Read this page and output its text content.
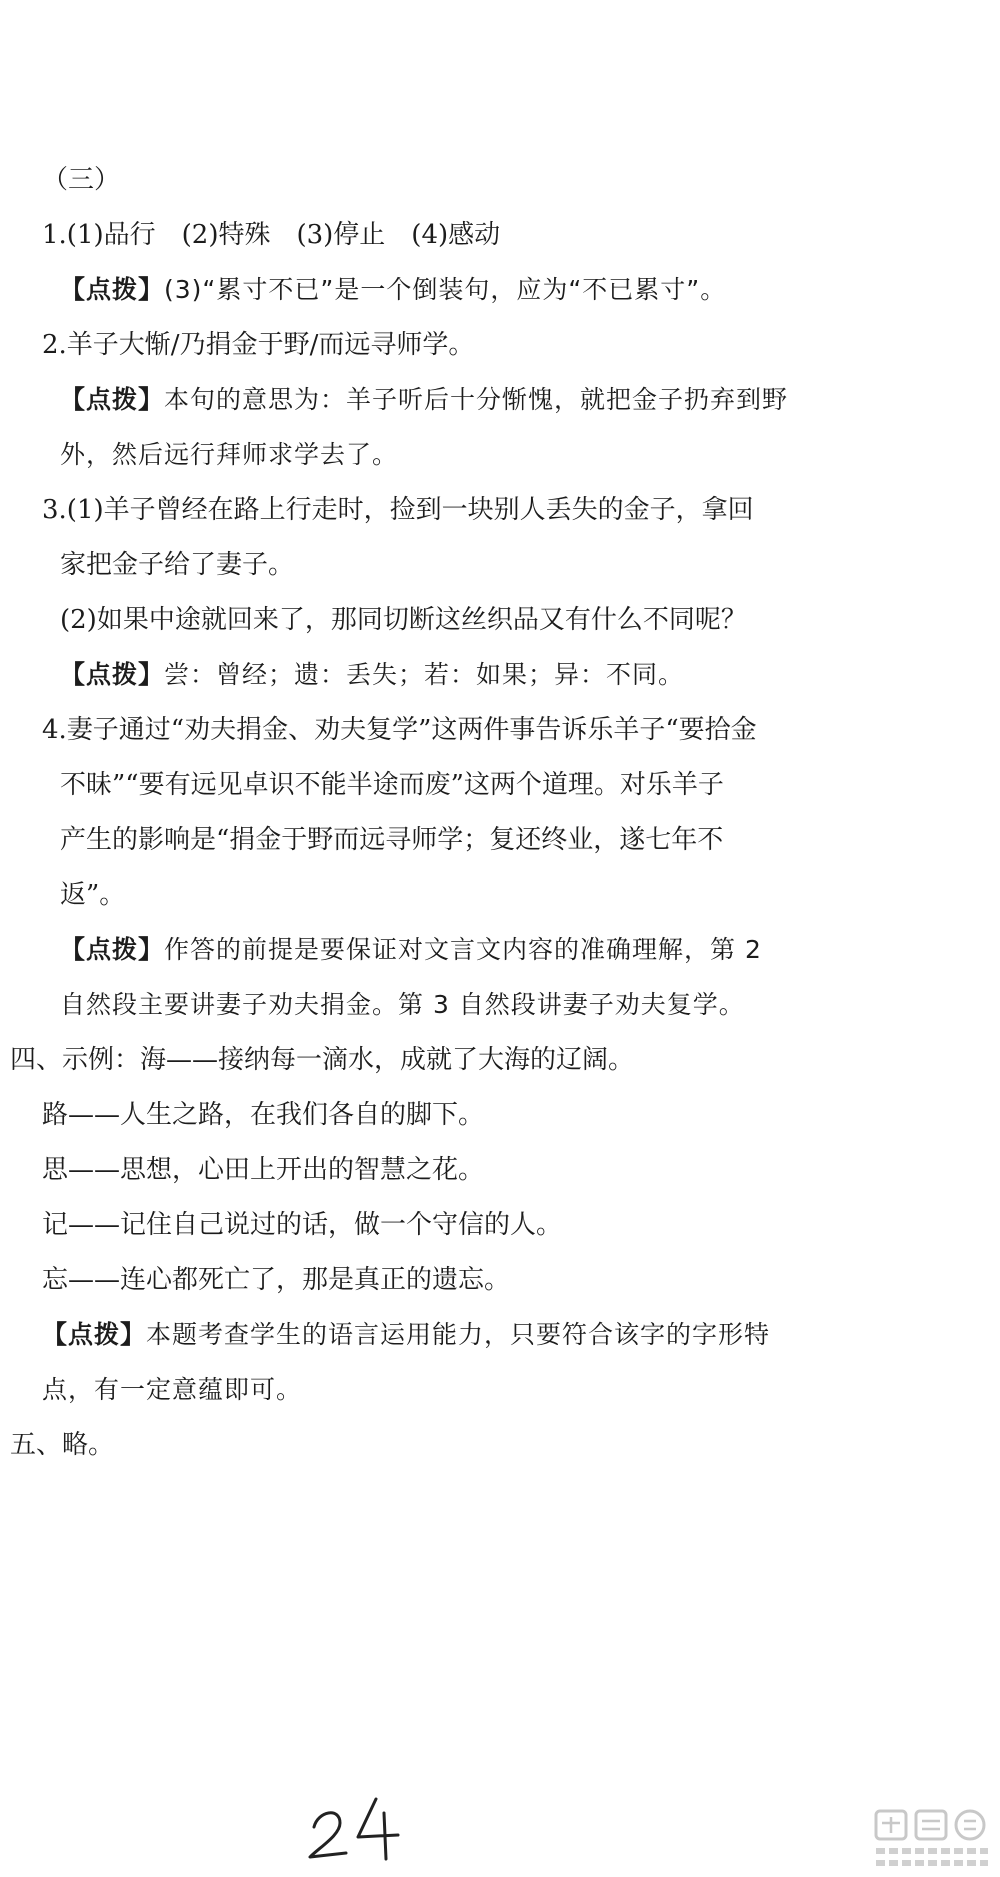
（三）
1.(1)品行　(2)特殊　(3)停止　(4)感动
【点拨】(3)“累寸不已”是一个倒装句，应为“不已累寸”。
2.羊子大惭/乃捐金于野/而远寻师学。
【点拨】本句的意思为：羊子听后十分惭愧，就把金子扔弃到野
外，然后远行拜师求学去了。
3.(1)羊子曾经在路上行走时，捡到一块别人丢失的金子，拿回
家把金子给了妻子。
(2)如果中途就回来了，那同切断这丝织品又有什么不同呢？
【点拨】尝：曾经；遗：丢失；若：如果；异：不同。
4.妻子通过“劝夫捐金、劝夫复学”这两件事告诉乐羊子“要拾金
不昧”“要有远见卓识不能半途而废”这两个道理。对乐羊子
产生的影响是“捐金于野而远寻师学；复还终业，遂七年不
返”。
【点拨】作答的前提是要保证对文言文内容的准确理解，第 2
自然段主要讲妻子劝夫捐金。第 3 自然段讲妻子劝夫复学。
四、示例：海——接纳每一滴水，成就了大海的辽阔。
路——人生之路，在我们各自的脚下。
思——思想，心田上开出的智慧之花。
记——记住自己说过的话，做一个守信的人。
忘——连心都死亡了，那是真正的遗忘。
【点拨】本题考查学生的语言运用能力，只要符合该字的字形特
点，有一定意蕴即可。
五、略。
